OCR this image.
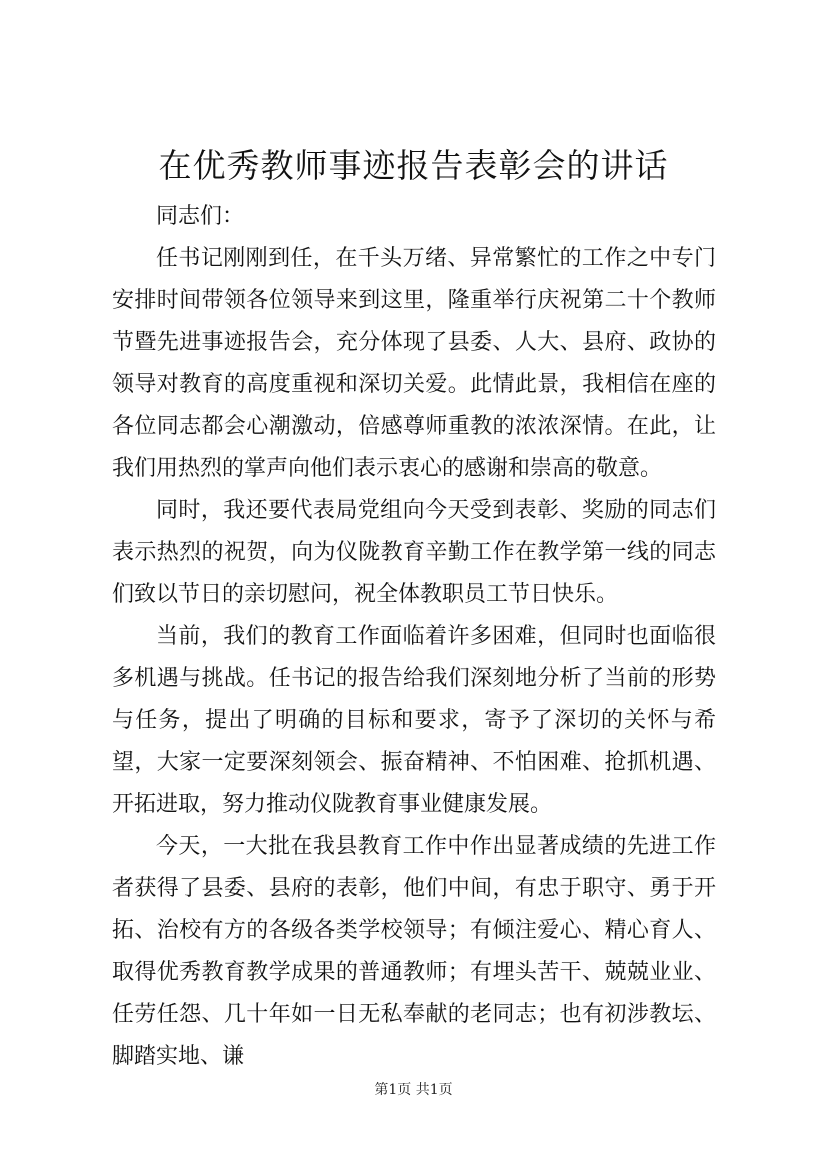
在优秀教师事迹报告表彰会的讲话

同志们：

任书记刚刚到任，在千头万绪、异常繁忙的工作之中专门安排时间带领各位领导来到这里，隆重举行庆祝第二十个教师节暨先进事迹报告会，充分体现了县委、人大、县府、政协的领导对教育的高度重视和深切关爱。此情此景，我相信在座的各位同志都会心潮激动，倍感尊师重教的浓浓深情。在此，让我们用热烈的掌声向他们表示衷心的感谢和崇高的敬意。

同时，我还要代表局党组向今天受到表彰、奖励的同志们表示热烈的祝贺，向为仪陇教育辛勤工作在教学第一线的同志们致以节日的亲切慰问，祝全体教职员工节日快乐。

当前，我们的教育工作面临着许多困难，但同时也面临很多机遇与挑战。任书记的报告给我们深刻地分析了当前的形势与任务，提出了明确的目标和要求，寄予了深切的关怀与希望，大家一定要深刻领会、振奋精神、不怕困难、抢抓机遇、开拓进取，努力推动仪陇教育事业健康发展。

今天，一大批在我县教育工作中作出显著成绩的先进工作者获得了县委、县府的表彰，他们中间，有忠于职守、勇于开拓、治校有方的各级各类学校领导；有倾注爱心、精心育人、取得优秀教育教学成果的普通教师；有埋头苦干、兢兢业业、任劳任怨、几十年如一日无私奉献的老同志；也有初涉教坛、脚踏实地、谦

第1页 共1页
